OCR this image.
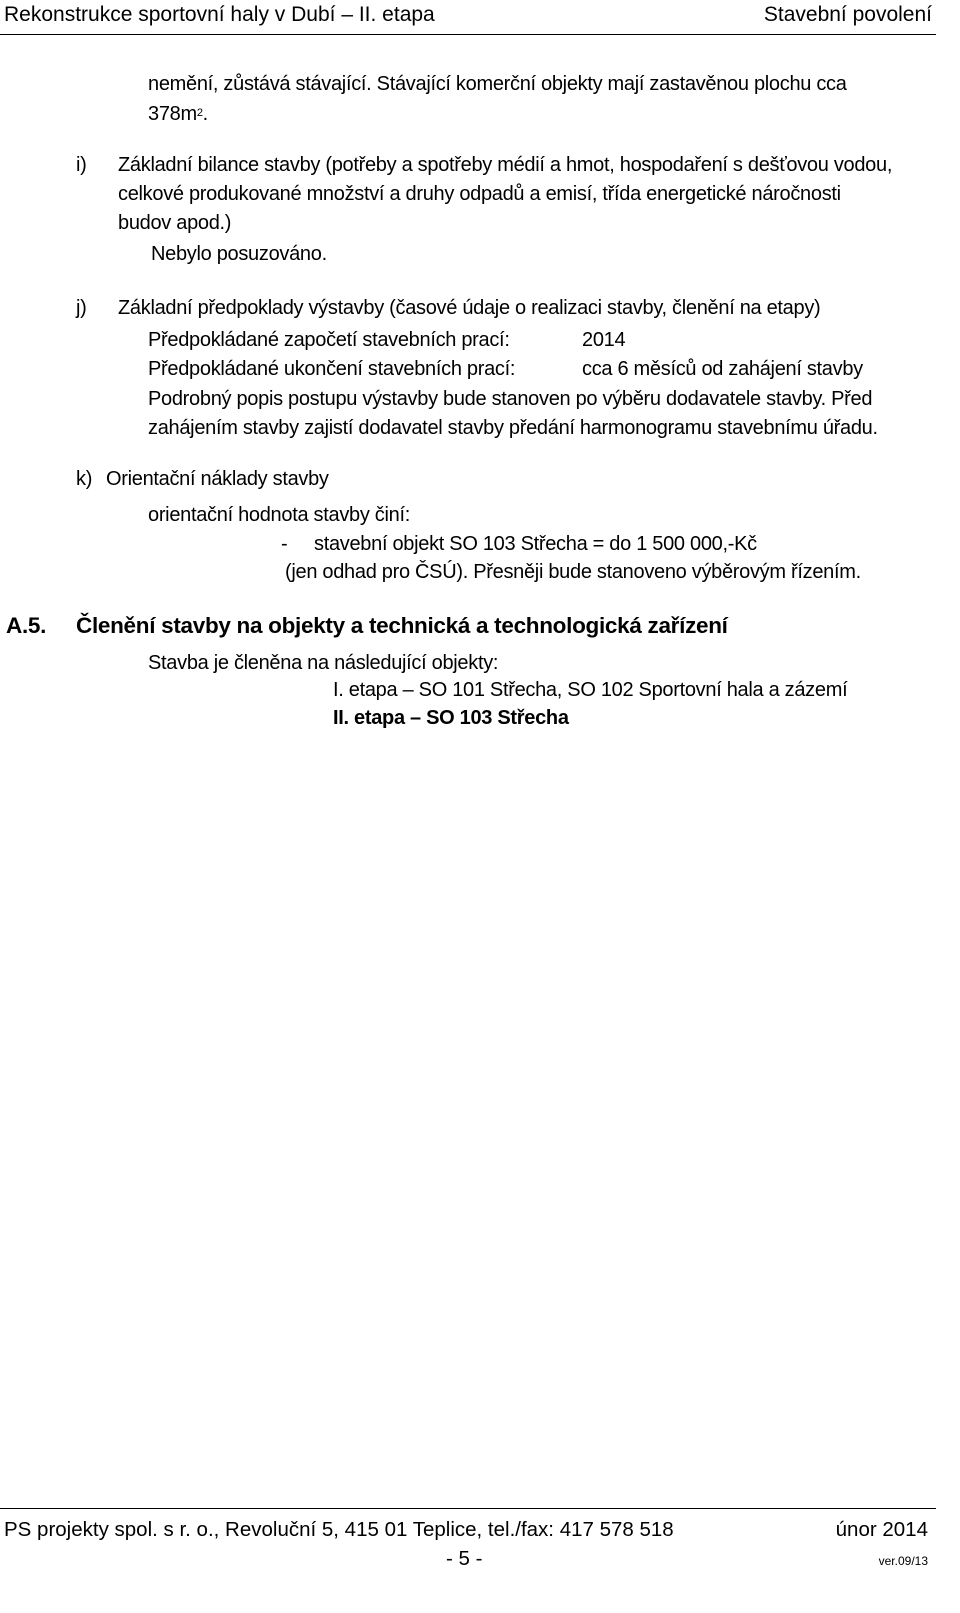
Rekonstrukce sportovní haly v Dubí – II. etapa	Stavební povolení
nemění, zůstává stávající. Stávající komerční objekty mají zastavěnou plochu cca
$378m^2$.
i) Základní bilance stavby (potřeby a spotřeby médií a hmot, hospodaření s dešťovou vodou,
celkové produkované množství a druhy odpadů a emisí, třída energetické náročnosti
budov apod.)
Nebylo posuzováno.
j) Základní předpoklady výstavby (časové údaje o realizaci stavby, členění na etapy)
Předpokládané započetí stavebních prací:	2014
Předpokládané ukončení stavebních prací:	cca 6 měsíců od zahájení stavby
Podrobný popis postupu výstavby bude stanoven po výběru dodavatele stavby. Před
zahájením stavby zajistí dodavatel stavby předání harmonogramu stavebnímu úřadu.
k) Orientační náklady stavby
orientační hodnota stavby činí:
- stavební objekt SO 103 Střecha = do 1 500 000,-Kč
(jen odhad pro ČSÚ). Přesněji bude stanoveno výběrovým řízením.
A.5. Členění stavby na objekty a technická a technologická zařízení
Stavba je členěna na následující objekty:
I. etapa – SO 101 Střecha, SO 102 Sportovní hala a zázemí
II. etapa – SO 103 Střecha
PS projekty spol. s r. o., Revoluční 5, 415 01 Teplice, tel./fax: 417 578 518	únor 2014
- 5 -	ver.09/13
